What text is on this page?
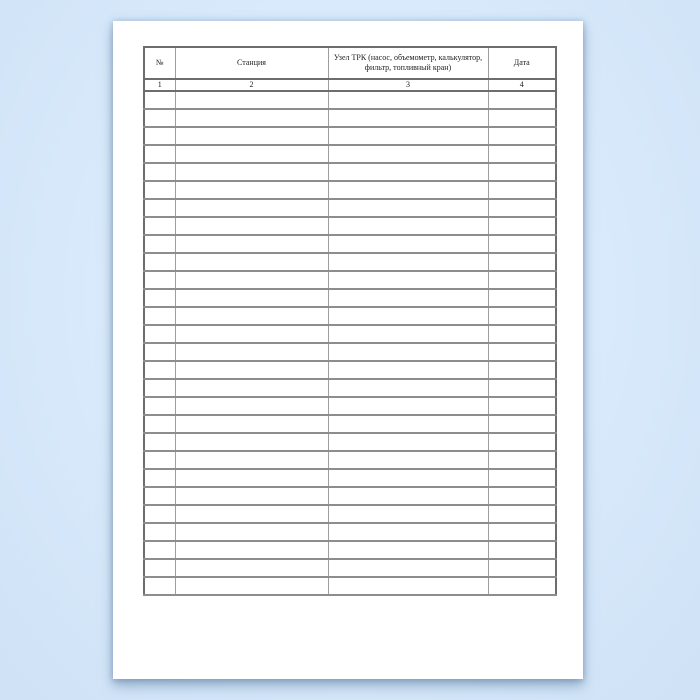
№	Станция	Узел ТРК (насос, объемометр, калькулятор, фильтр, топливный кран)	Дата
1	2	3	4
